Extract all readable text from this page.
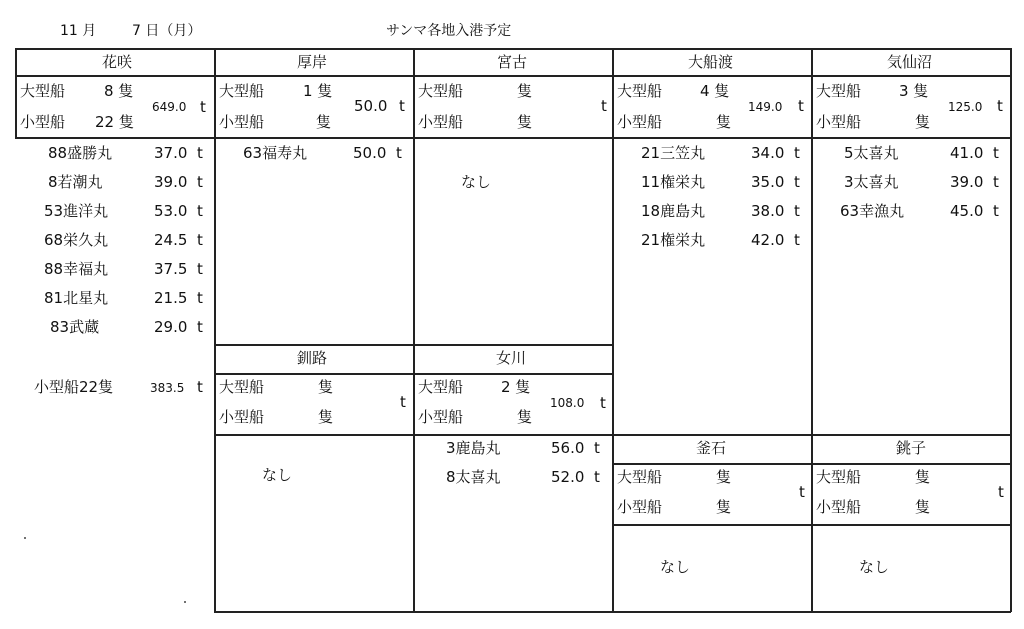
11 月	7 日（月）	サンマ各地入港予定
花咲
大型船	8 隻
小型船 22 隻
649.0 t
88盛勝丸	37.0 t
8若潮丸	39.0 t
53進洋丸	53.0 t
68栄久丸	24.5 t
88幸福丸	37.5 t
81北星丸	21.5 t
83武蔵	29.0 t
小型船22隻	383.5 t
厚岸
大型船	1 隻
小型船	隻
50.0 t
63福寿丸	50.0 t
宮古
大型船	隻
小型船	隻
t
なし
大船渡
大型船	4 隻
小型船	隻
149.0 t
21三笠丸	34.0 t
11権栄丸	35.0 t
18鹿島丸	38.0 t
21権栄丸	42.0 t
気仙沼
大型船	3 隻
小型船	隻
125.0 t
5太喜丸	41.0 t
3太喜丸	39.0 t
63幸漁丸	45.0 t
釧路
大型船	隻
小型船	隻
t
なし
女川
大型船	2 隻
小型船	隻
108.0 t
3鹿島丸	56.0 t
8太喜丸	52.0 t
釜石
大型船	隻
小型船	隻
t
なし
銚子
大型船	隻
小型船	隻
t
なし
